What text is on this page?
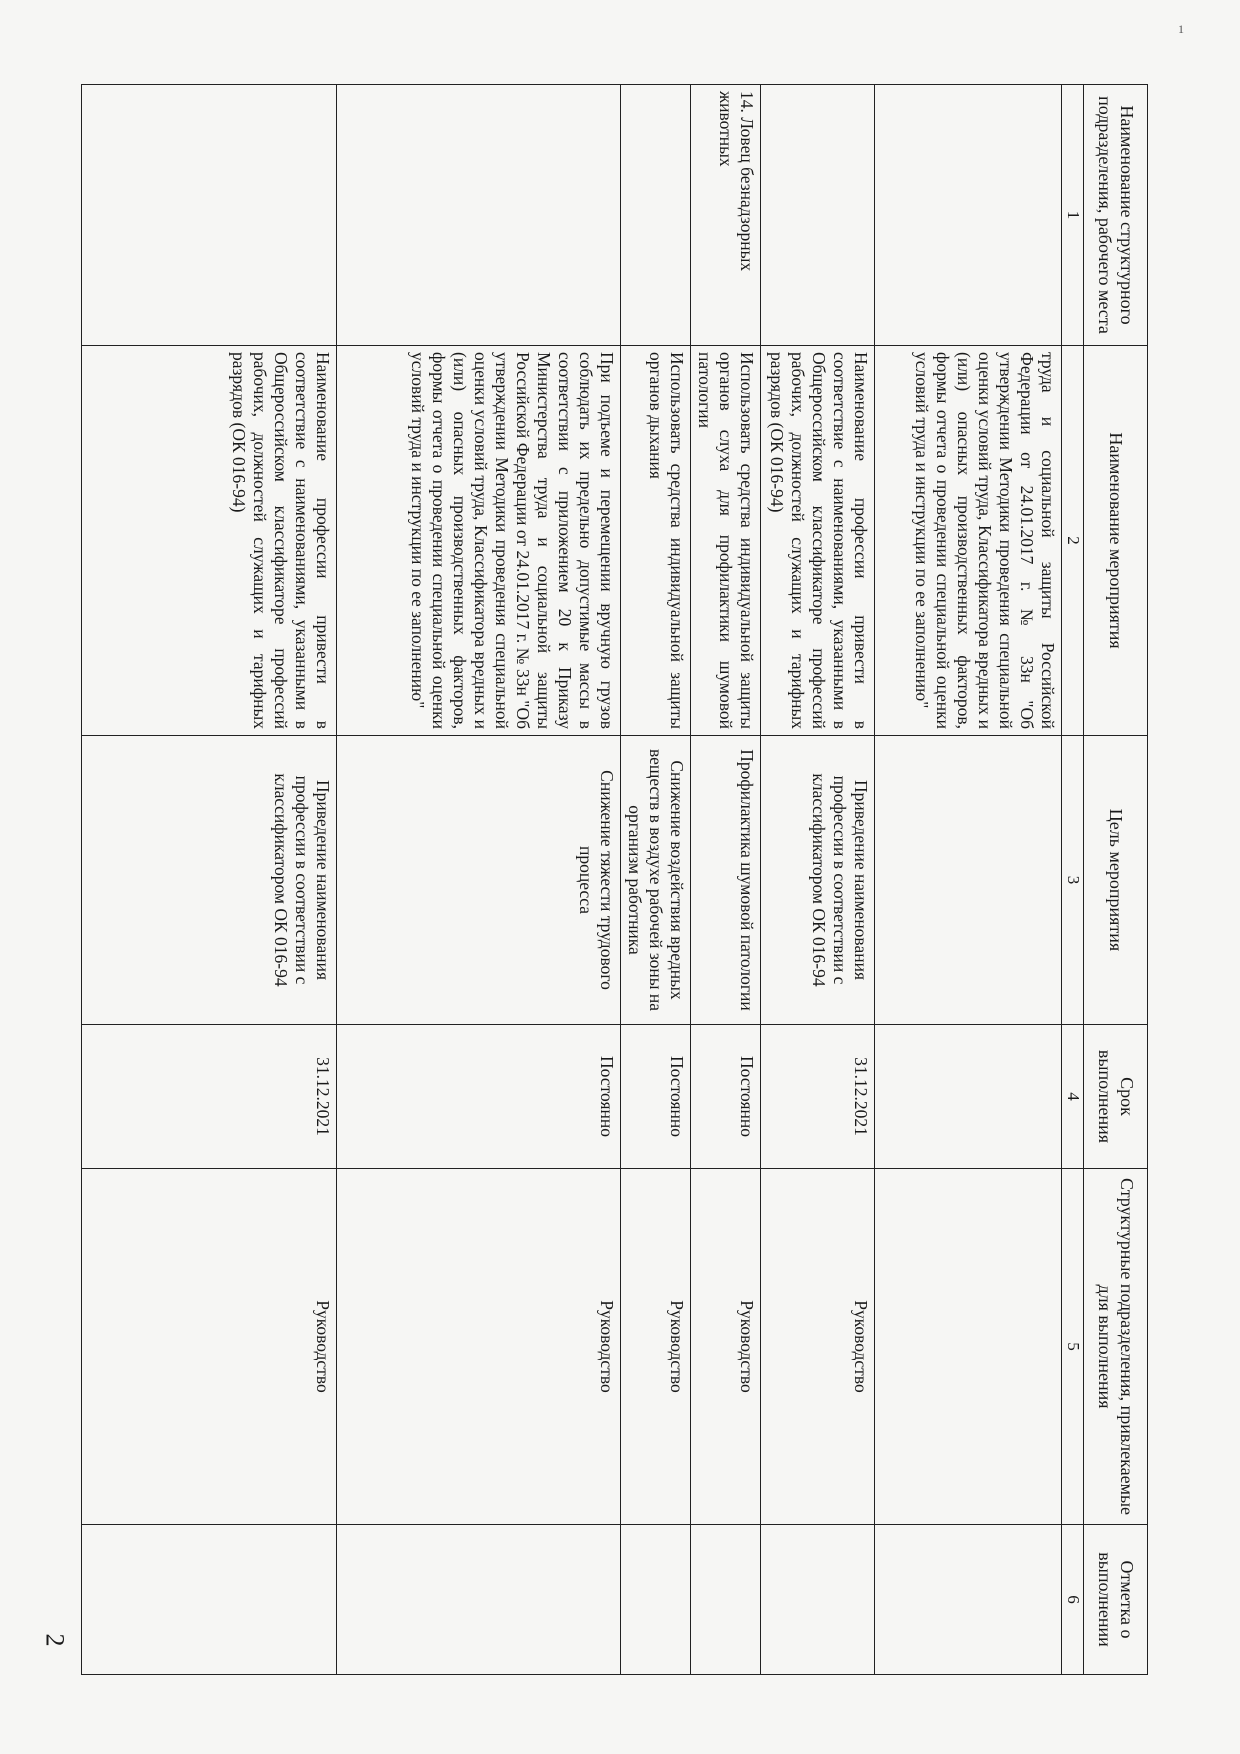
1
Наименование структурного подразделения, рабочего места	Наименование мероприятия	Цель мероприятия	Срок выполнения	Структурные подразделения, привлекаемые для выполнения	Отметка о выполнении
1	2	3	4	5	6
	труда и социальной защиты Российской Федерации от 24.01.2017 г. № 33н "Об утверждении Методики проведения специальной оценки условий труда, Классификатора вредных и (или) опасных производственных факторов, формы отчета о проведении специальной оценки условий труда и инструкции по ее заполнению"				
	Наименование профессии привести в соответствие с наименованиями, указанными в Общероссийском классификаторе профессий рабочих, должностей служащих и тарифных разрядов (ОК 016-94)	Приведение наименования профессии в соответствии с классификатором ОК 016-94	31.12.2021	Руководство	
14. Ловец безнадзорных животных	Использовать средства индивидуальной защиты органов слуха для профилактики шумовой патологии	Профилактика шумовой патологии	Постоянно	Руководство	
	Использовать средства индивидуальной защиты органов дыхания	Снижение воздействия вредных веществ в воздухе рабочей зоны на организм работника	Постоянно	Руководство	
	При подъеме и перемещении вручную грузов соблюдать их предельно допустимые массы в соответствии с приложением 20 к Приказу Министерства труда и социальной защиты Российской Федерации от 24.01.2017 г. № 33н "Об утверждении Методики проведения специальной оценки условий труда, Классификатора вредных и (или) опасных производственных факторов, формы отчета о проведении специальной оценки условий труда и инструкции по ее заполнению"	Снижение тяжести трудового процесса	Постоянно	Руководство	
	Наименование профессии привести в соответствие с наименованиями, указанными в Общероссийском классификаторе профессий рабочих, должностей служащих и тарифных разрядов (ОК 016-94)	Приведение наименования профессии в соответствии с классификатором ОК 016-94	31.12.2021	Руководство	
2
